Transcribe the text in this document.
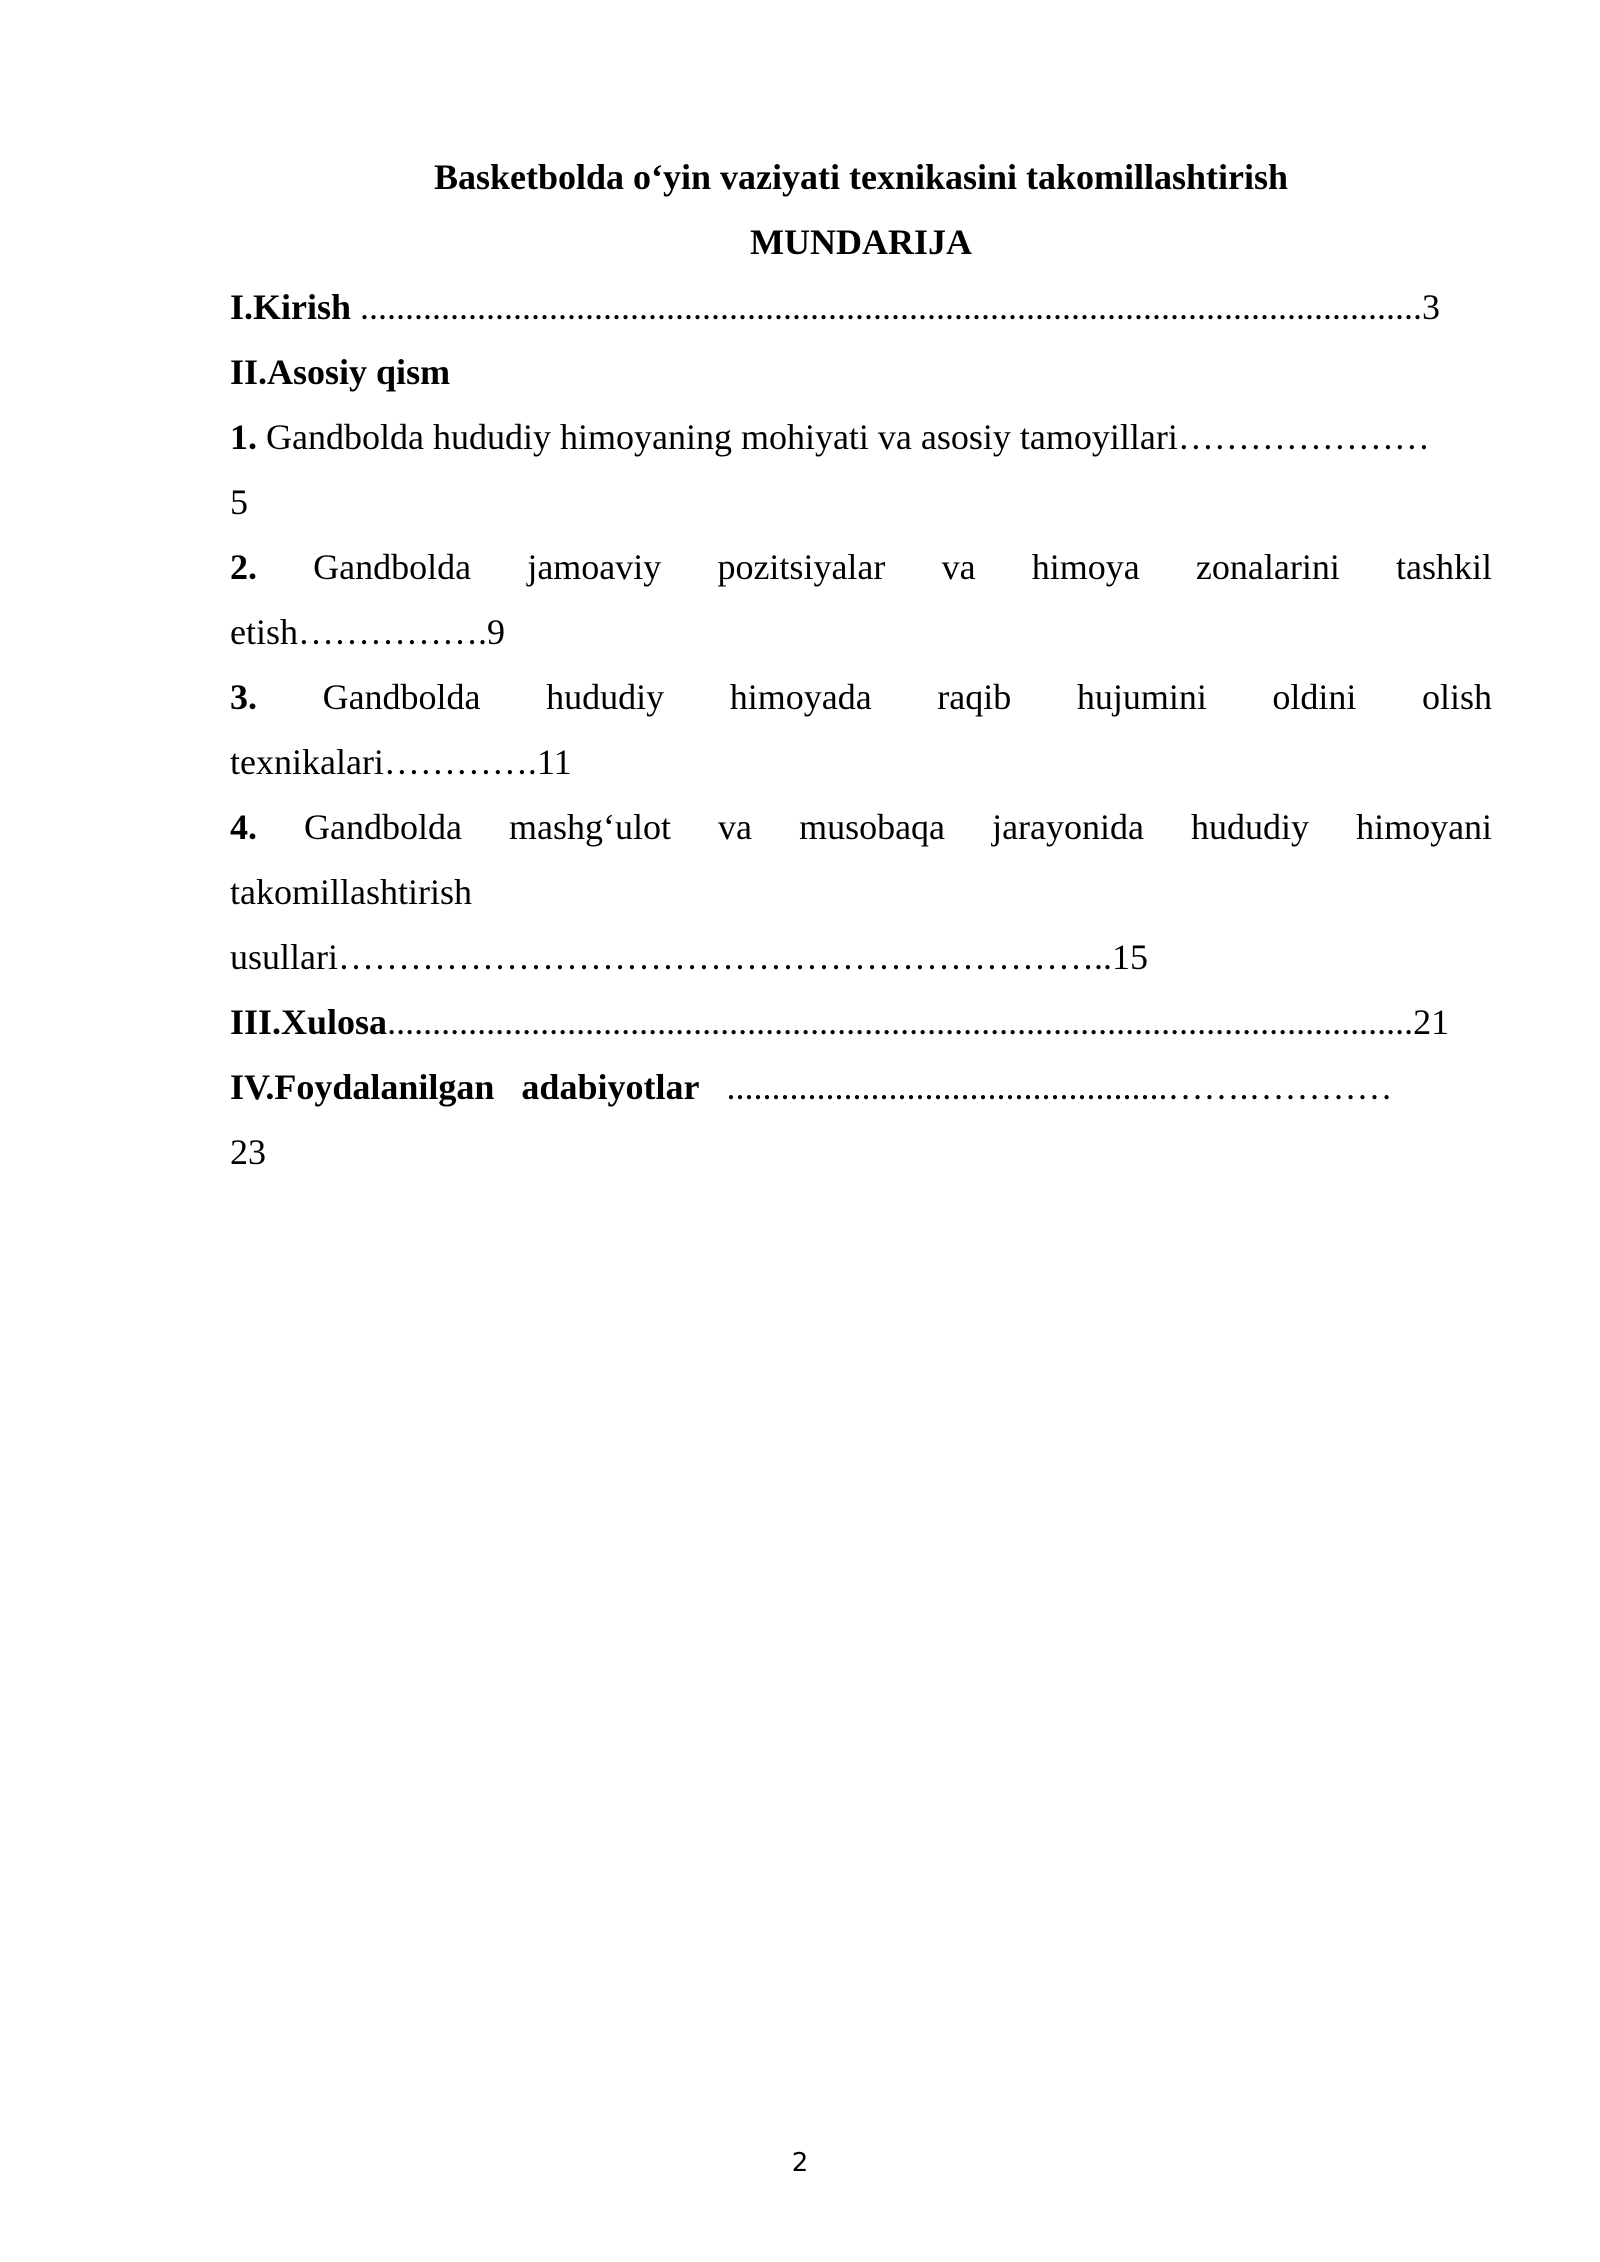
Basketbolda o‘yin vaziyati texnikasini takomillashtirish
MUNDARIJA
I.Kirish ......................................................................................................................3
II.Asosiy qism
1. Gandbolda hududiy himoyaning mohiyati va asosiy tamoyillari…………………
5
2. Gandbolda jamoaviy pozitsiyalar va himoya zonalarini tashkil
etish…………….9
3. Gandbolda hududiy himoyada raqib hujumini oldini olish
texnikalari………….11
4. Gandbolda mashg‘ulot va musobaqa jarayonida hududiy himoyani
takomillashtirish
usullari………………………………………………………..15
III.Xulosa..................................................................................................................21
IV.Foydalanilgan   adabiyotlar   .................................................…….…………
23
2
